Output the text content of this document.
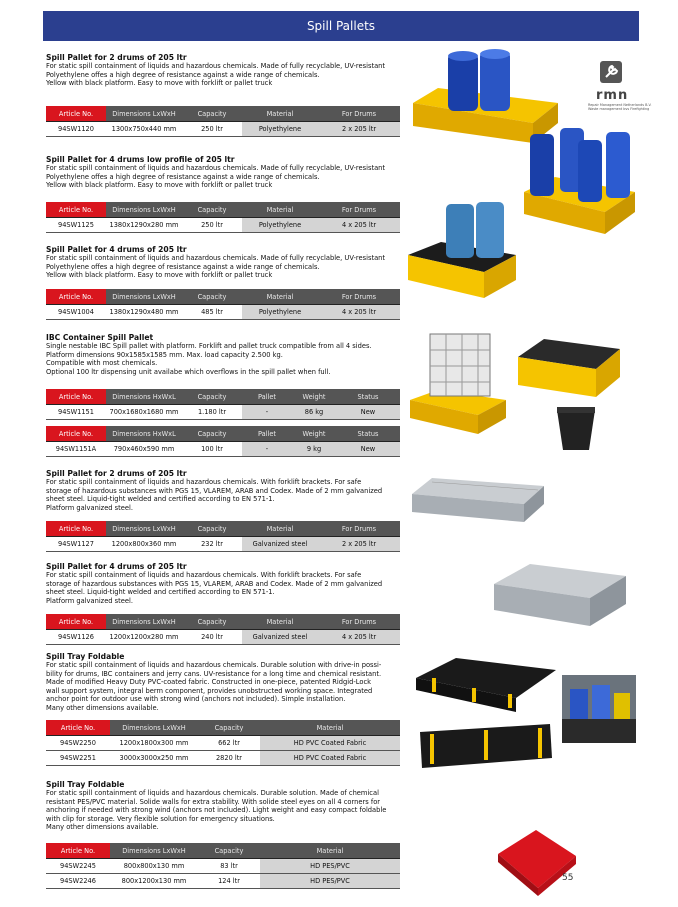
Spill Pallets
rmn
Repair Management Netherlands B.V.
Waste management bvs Firefighting
Spill Pallet for 2 drums of 205 ltr

For static spill containment of liquids and hazardous chemicals. Made of fully recyclable, UV-resistant
Polyethylene offes a high degree of resistance against a wide range of chemicals.
Yellow with black platform. Easy to move with forklift or pallet truck

Article No.	Dimensions LxWxH	Capacity	Material	For Drums
94SW1120	1300x750x440 mm	250 ltr	Polyethylene	2 x 205 ltr
Spill Pallet for 4 drums low profile of 205 ltr

For static spill containment of liquids and hazardous chemicals. Made of fully recyclable, UV-resistant
Polyethylene offes a high degree of resistance against a wide range of chemicals.
Yellow with black platform. Easy to move with forklift or pallet truck

Article No.	Dimensions LxWxH	Capacity	Material	For Drums
94SW1125	1380x1290x280 mm	250 ltr	Polyethylene	4 x 205 ltr
Spill Pallet for 4 drums of 205 ltr

For static spill containment of liquids and hazardous chemicals. Made of fully recyclable, UV-resistant
Polyethylene offes a high degree of resistance against a wide range of chemicals.
Yellow with black platform. Easy to move with forklift or pallet truck

Article No.	Dimensions LxWxH	Capacity	Material	For Drums
94SW1004	1380x1290x480 mm	485 ltr	Polyethylene	4 x 205 ltr
IBC Container Spill Pallet

Single nestable IBC Spill pallet with platform. Forklift and pallet truck compatible from all 4 sides.
Platform dimensions 90x1585x1585 mm. Max. load capacity 2.500 kg.
Compatible with most chemicals.
Optional 100 ltr dispensing unit availabe which overflows in the spill pallet when full.

Article No.	Dimensions HxWxL	Capacity	Pallet	Weight	Status
94SW1151	700x1680x1680 mm	1.180 ltr	-	86 kg	New
Article No.	Dimensions HxWxL	Capacity	Pallet	Weight	Status
94SW1151A	790x460x590 mm	100 ltr	-	9 kg	New
Spill Pallet for 2 drums of 205 ltr

For static spill containment of liquids and hazardous chemicals. With forklift brackets. For safe
storage of hazardous substances with PGS 15, VLAREM, ARAB and Codex. Made of 2 mm galvanized
sheet steel. Liquid-tight welded and certified according to EN 571-1.
Platform galvanized steel.

Article No.	Dimensions LxWxH	Capacity	Material	For Drums
94SW1127	1200x800x360 mm	232 ltr	Galvanized steel	2 x 205 ltr
Spill Pallet for 4 drums of 205 ltr

For static spill containment of liquids and hazardous chemicals. With forklift brackets. For safe
storage of hazardous substances with PGS 15, VLAREM, ARAB and Codex. Made of 2 mm galvanized
sheet steel. Liquid-tight welded and certified according to EN 571-1.
Platform galvanized steel.

Article No.	Dimensions LxWxH	Capacity	Material	For Drums
94SW1126	1200x1200x280 mm	240 ltr	Galvanized steel	4 x 205 ltr
Spill Tray Foldable

For static spill containment of liquids and hazardous chemicals. Durable solution with drive-in possi-
bility for drums, IBC containers and jerry cans. UV-resistance for a long time and chemical resistant.
Made of modified Heavy Duty PVC-coated fabric. Constructed in one-piece, patented Ridgid-Lock
wall support system, integral berm component, provides unobstructed working space. Integrated
anchor point for outdoor use with strong wind (anchors not included). Simple installation.
Many other dimensions available.

Article No.	Dimensions LxWxH	Capacity	Material
94SW2250	1200x1800x300 mm	662 ltr	HD PVC Coated Fabric
94SW2251	3000x3000x250 mm	2820 ltr	HD PVC Coated Fabric
Spill Tray Foldable

For static spill containment of liquids and hazardous chemicals. Durable solution. Made of chemical
resistant PES/PVC material. Solide walls for extra stability. With solide steel eyes on all 4 corners for
anchoring if needed with strong wind (anchors not included). Light weight and easy compact foldable
with clip for storage. Very flexible solution for emergency situations.
Many other dimensions available.

Article No.	Dimensions LxWxH	Capacity	Material
94SW2245	800x800x130 mm	83 ltr	HD PES/PVC
94SW2246	800x1200x130 mm	124 ltr	HD PES/PVC	55
